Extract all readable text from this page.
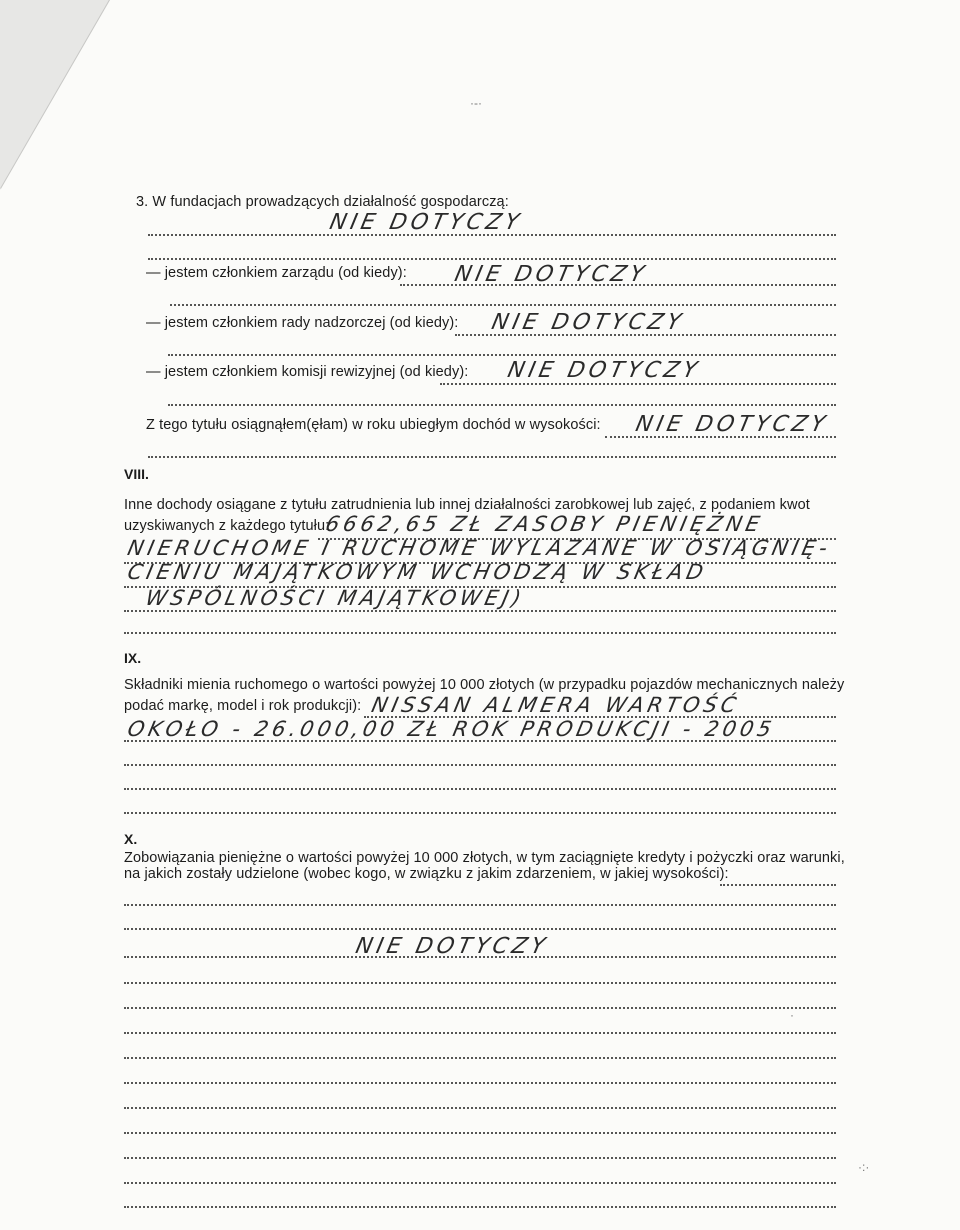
3. W fundacjach prowadzących działalność gospodarczą:
NIE DOTYCZY
— jestem członkiem zarządu (od kiedy): NIE DOTYCZY
— jestem członkiem rady nadzorczej (od kiedy): NIE DOTYCZY
— jestem członkiem komisji rewizyjnej (od kiedy): NIE DOTYCZY
Z tego tytułu osiągnąłem(ęłam) w roku ubiegłym dochód w wysokości: NIE DOTYCZY
VIII.
Inne dochody osiągane z tytułu zatrudnienia lub innej działalności zarobkowej lub zajęć, z podaniem kwot
uzyskiwanych z każdego tytułu:
6662,65 ZŁ ZASOBY PIENIĘŻNE
NIERUCHOME I RUCHOME WYLAZANE W OSIĄGNIĘ-
CIENIU MAJĄTKOWYM WCHODZĄ W SKŁAD
WSPÓLNOŚCI MAJĄTKOWEJ)
IX.
Składniki mienia ruchomego o wartości powyżej 10 000 złotych (w przypadku pojazdów mechanicznych należy
podać markę, model i rok produkcji): NISSAN ALMERA WARTOŚĆ
OKOŁO - 26.000,00 ZŁ ROK PRODUKCJI - 2005
X.
Zobowiązania pieniężne o wartości powyżej 10 000 złotych, w tym zaciągnięte kredyty i pożyczki oraz warunki,
na jakich zostały udzielone (wobec kogo, w związku z jakim zdarzeniem, w jakiej wysokości):
NIE DOTYCZY
·-·
·
·:·
